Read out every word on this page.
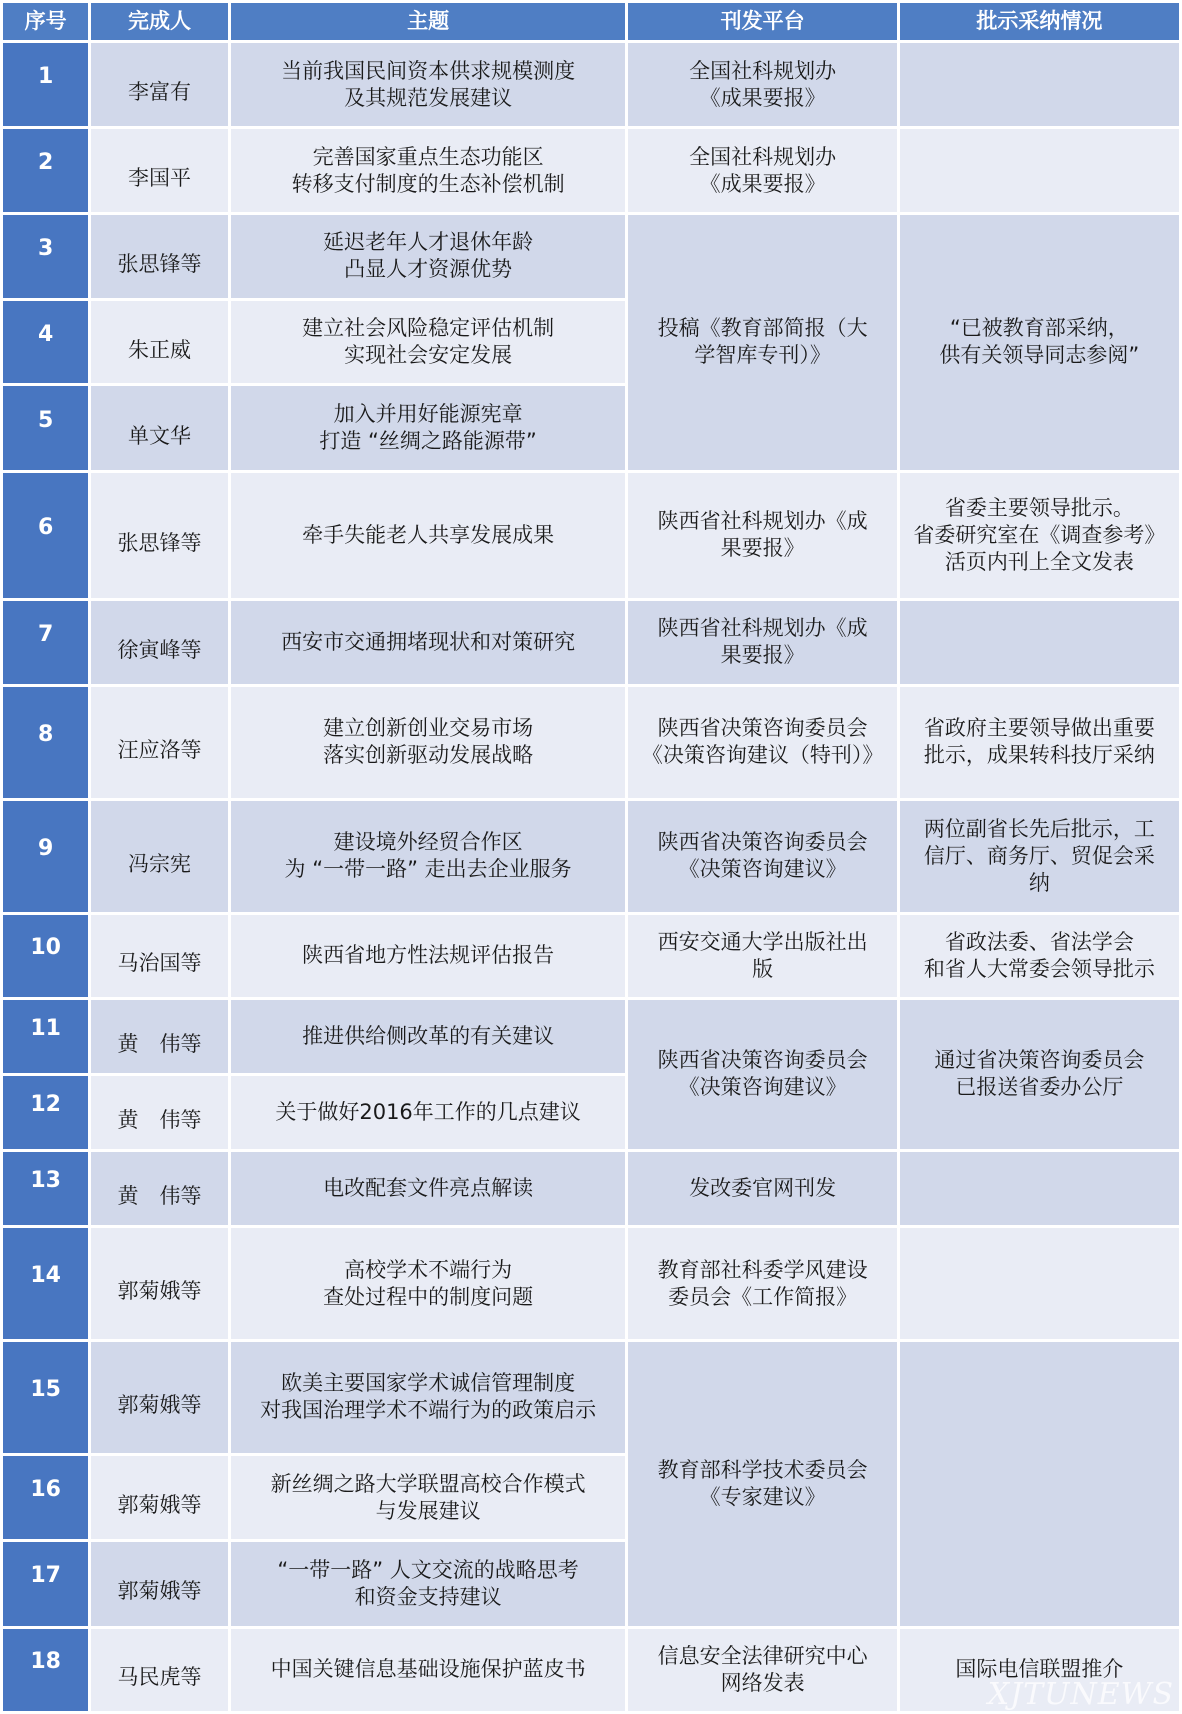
序号	完成人	主题	刊发平台	批示采纳情况
1	李富有	当前我国民间资本供求规模测度
及其规范发展建议	全国社科规划办
《成果要报》	

2	李国平	完善国家重点生态功能区
转移支付制度的生态补偿机制	全国社科规划办
《成果要报》	

3	张思锋等	延迟老年人才退休年龄
凸显人才资源优势	投稿《教育部简报（大学智库专刊）》	“已被教育部采纳，
供有关领导同志参阅”

4	朱正威	建立社会风险稳定评估机制
实现社会安定发展		

5	单文华	加入并用好能源宪章
打造 “丝绸之路能源带”		

6	张思锋等	牵手失能老人共享发展成果	陕西省社科规划办《成果要报》	省委主要领导批示。
省委研究室在《调查参考》
活页内刊上全文发表

7	徐寅峰等	西安市交通拥堵现状和对策研究	陕西省社科规划办《成果要报》	

8	汪应洛等	建立创新创业交易市场
落实创新驱动发展战略	陕西省决策咨询委员会
《决策咨询建议（特刊）》	省政府主要领导做出重要批示，成果转科技厅采纳

9	冯宗宪	建设境外经贸合作区
为 “一带一路” 走出去企业服务	陕西省决策咨询委员会
《决策咨询建议》	两位副省长先后批示，工信厅、商务厅、贸促会采纳

10	马治国等	陕西省地方性法规评估报告	西安交通大学出版社出版	省政法委、省法学会
和省人大常委会领导批示

11	黄　伟等	推进供给侧改革的有关建议	陕西省决策咨询委员会
《决策咨询建议》	通过省决策咨询委员会
已报送省委办公厅

12	黄　伟等	关于做好2016年工作的几点建议		

13	黄　伟等	电改配套文件亮点解读	发改委官网刊发	

14	郭菊娥等	高校学术不端行为
查处过程中的制度问题	教育部社科委学风建设委员会《工作简报》	

15	郭菊娥等	欧美主要国家学术诚信管理制度
对我国治理学术不端行为的政策启示	教育部科学技术委员会
《专家建议》	

16	郭菊娥等	新丝绸之路大学联盟高校合作模式
与发展建议		

17	郭菊娥等	“一带一路” 人文交流的战略思考
和资金支持建议		

18	马民虎等	中国关键信息基础设施保护蓝皮书	信息安全法律研究中心网络发表	国际电信联盟推介
XJTUNEWS
